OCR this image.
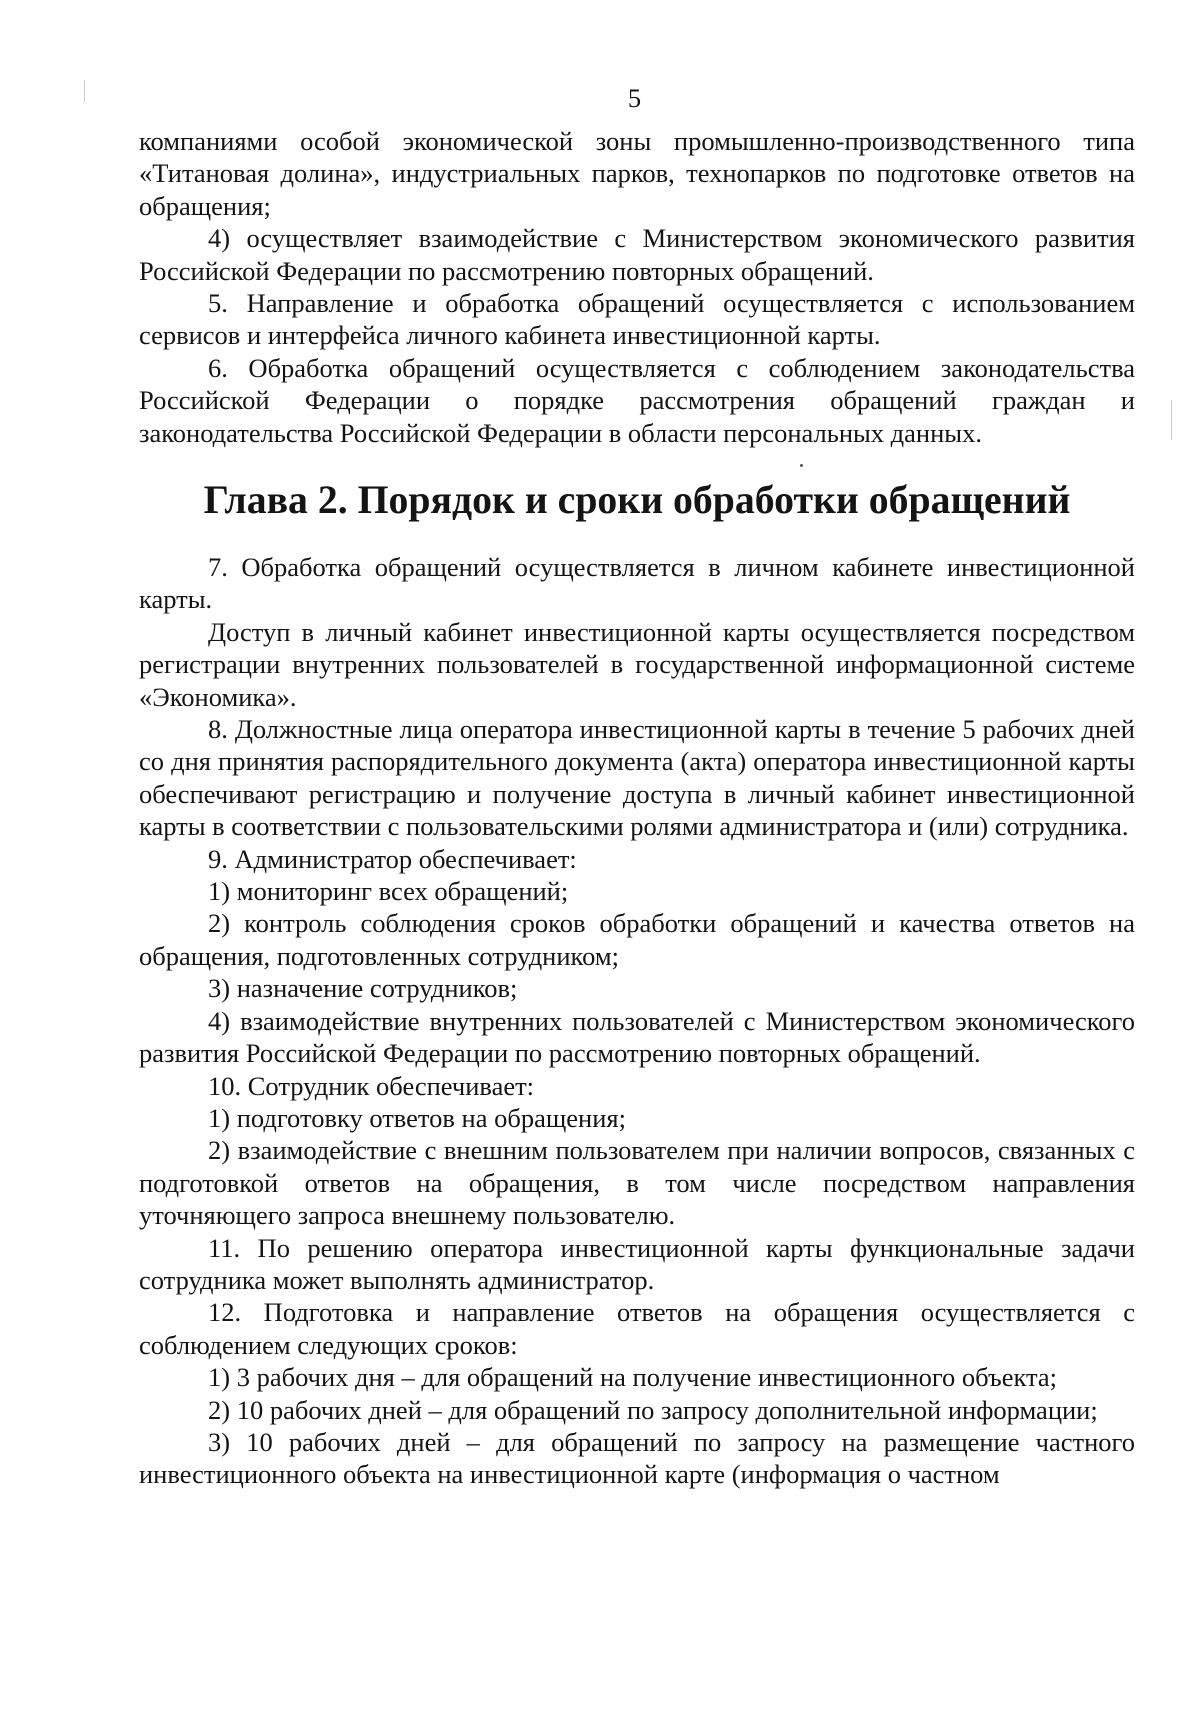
5

компаниями особой экономической зоны промышленно-производственного типа «Титановая долина», индустриальных парков, технопарков по подготовке ответов на обращения;

4) осуществляет взаимодействие с Министерством экономического развития Российской Федерации по рассмотрению повторных обращений.

5. Направление и обработка обращений осуществляется с использованием сервисов и интерфейса личного кабинета инвестиционной карты.

6. Обработка обращений осуществляется с соблюдением законодательства Российской Федерации о порядке рассмотрения обращений граждан и законодательства Российской Федерации в области персональных данных.

Глава 2. Порядок и сроки обработки обращений

7. Обработка обращений осуществляется в личном кабинете инвестиционной карты.

Доступ в личный кабинет инвестиционной карты осуществляется посредством регистрации внутренних пользователей в государственной информационной системе «Экономика».

8. Должностные лица оператора инвестиционной карты в течение 5 рабочих дней со дня принятия распорядительного документа (акта) оператора инвестиционной карты обеспечивают регистрацию и получение доступа в личный кабинет инвестиционной карты в соответствии с пользовательскими ролями администратора и (или) сотрудника.

9. Администратор обеспечивает:

1) мониторинг всех обращений;

2) контроль соблюдения сроков обработки обращений и качества ответов на обращения, подготовленных сотрудником;

3) назначение сотрудников;

4) взаимодействие внутренних пользователей с Министерством экономического развития Российской Федерации по рассмотрению повторных обращений.

10. Сотрудник обеспечивает:

1) подготовку ответов на обращения;

2) взаимодействие с внешним пользователем при наличии вопросов, связанных с подготовкой ответов на обращения, в том числе посредством направления уточняющего запроса внешнему пользователю.

11. По решению оператора инвестиционной карты функциональные задачи сотрудника может выполнять администратор.

12. Подготовка и направление ответов на обращения осуществляется с соблюдением следующих сроков:

1) 3 рабочих дня – для обращений на получение инвестиционного объекта;

2) 10 рабочих дней – для обращений по запросу дополнительной информации;

3) 10 рабочих дней – для обращений по запросу на размещение частного инвестиционного объекта на инвестиционной карте (информация о частном
